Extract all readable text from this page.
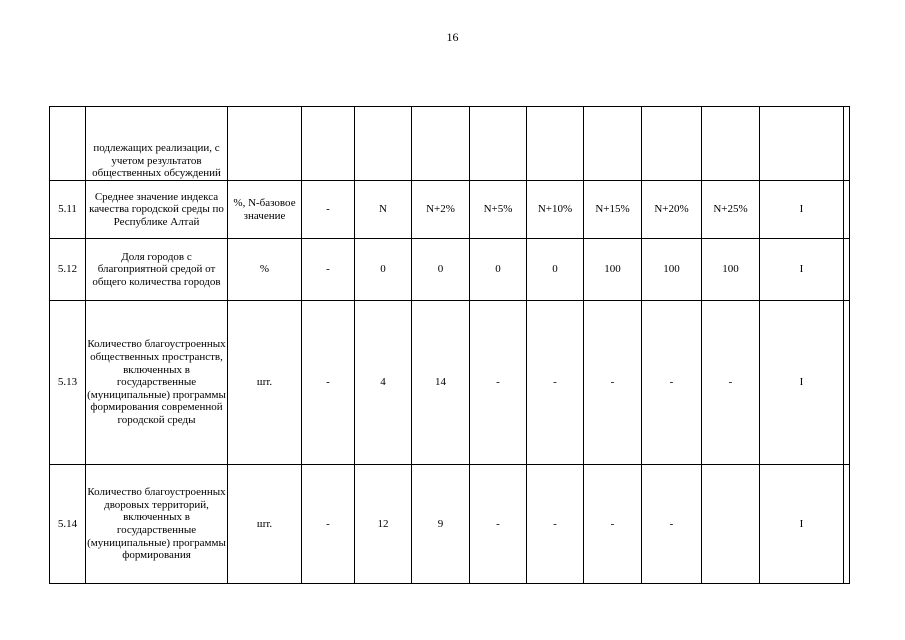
16
	подлежащих реализации, с учетом результатов общественных обсуждений											
5.11	Среднее значение индекса качества городской среды по Республике Алтай	%, N-базовое значение	-	N	N+2%	N+5%	N+10%	N+15%	N+20%	N+25%	I	
5.12	Доля городов с благоприятной средой от общего количества городов	%	-	0	0	0	0	100	100	100	I	
5.13	Количество благоустроенных общественных пространств, включенных в государственные (муниципальные) программы формирования современной городской среды	шт.	-	4	14	-	-	-	-	-	I	
5.14	Количество благоустроенных дворовых территорий, включенных в государственные (муниципальные) программы формирования	шт.	-	12	9	-	-	-	-		I	
